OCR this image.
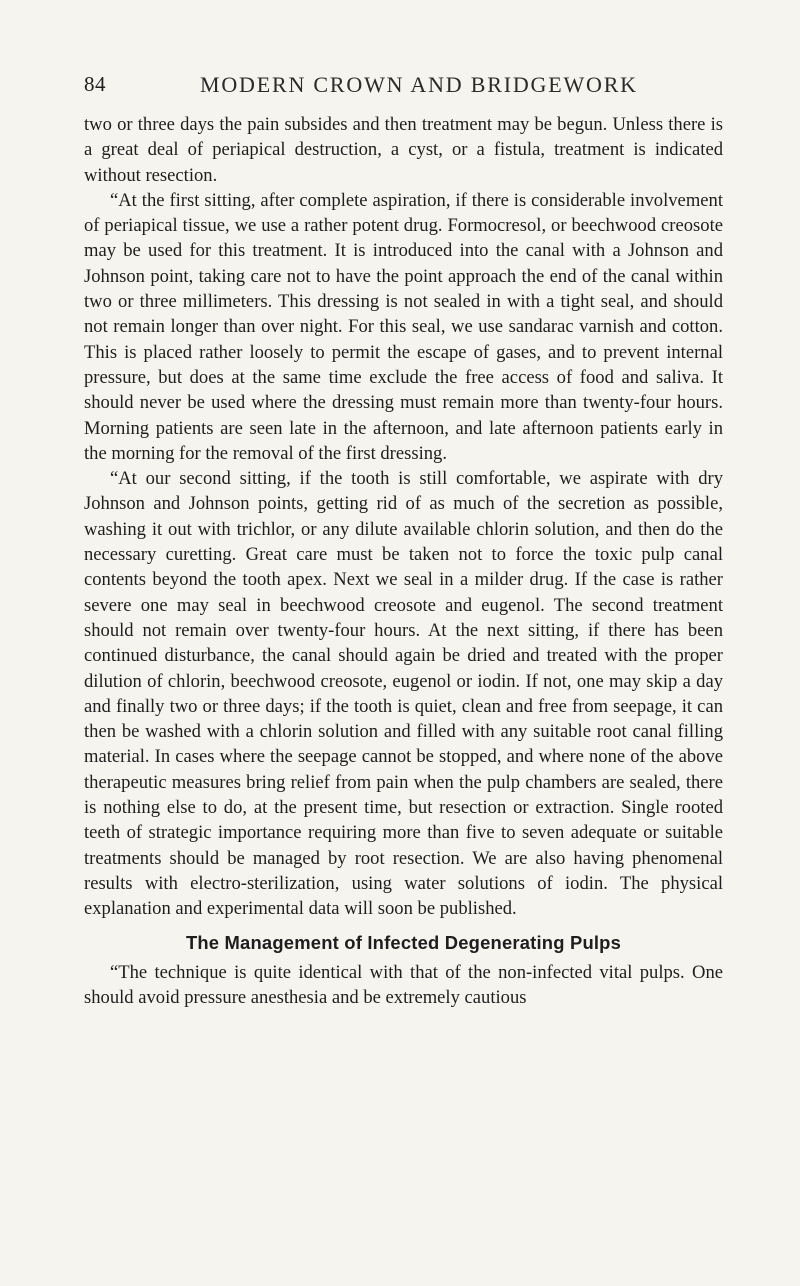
84	MODERN CROWN AND BRIDGEWORK

two or three days the pain subsides and then treatment may be begun. Unless there is a great deal of periapical destruction, a cyst, or a fistula, treatment is indicated without resection.

“At the first sitting, after complete aspiration, if there is considerable involvement of periapical tissue, we use a rather potent drug. Formocresol, or beechwood creosote may be used for this treatment. It is introduced into the canal with a Johnson and Johnson point, taking care not to have the point approach the end of the canal within two or three millimeters. This dressing is not sealed in with a tight seal, and should not remain longer than over night. For this seal, we use sandarac varnish and cotton. This is placed rather loosely to permit the escape of gases, and to prevent internal pressure, but does at the same time exclude the free access of food and saliva. It should never be used where the dressing must remain more than twenty-four hours. Morning patients are seen late in the afternoon, and late afternoon patients early in the morning for the removal of the first dressing.

“At our second sitting, if the tooth is still comfortable, we aspirate with dry Johnson and Johnson points, getting rid of as much of the secretion as possible, washing it out with trichlor, or any dilute available chlorin solution, and then do the necessary curetting. Great care must be taken not to force the toxic pulp canal contents beyond the tooth apex. Next we seal in a milder drug. If the case is rather severe one may seal in beechwood creosote and eugenol. The second treatment should not remain over twenty-four hours. At the next sitting, if there has been continued disturbance, the canal should again be dried and treated with the proper dilution of chlorin, beechwood creosote, eugenol or iodin. If not, one may skip a day and finally two or three days; if the tooth is quiet, clean and free from seepage, it can then be washed with a chlorin solution and filled with any suitable root canal filling material. In cases where the seepage cannot be stopped, and where none of the above therapeutic measures bring relief from pain when the pulp chambers are sealed, there is nothing else to do, at the present time, but resection or extraction. Single rooted teeth of strategic importance requiring more than five to seven adequate or suitable treatments should be managed by root resection. We are also having phenomenal results with electro-sterilization, using water solutions of iodin. The physical explanation and experimental data will soon be published.

The Management of Infected Degenerating Pulps

“The technique is quite identical with that of the non-infected vital pulps. One should avoid pressure anesthesia and be extremely cautious
